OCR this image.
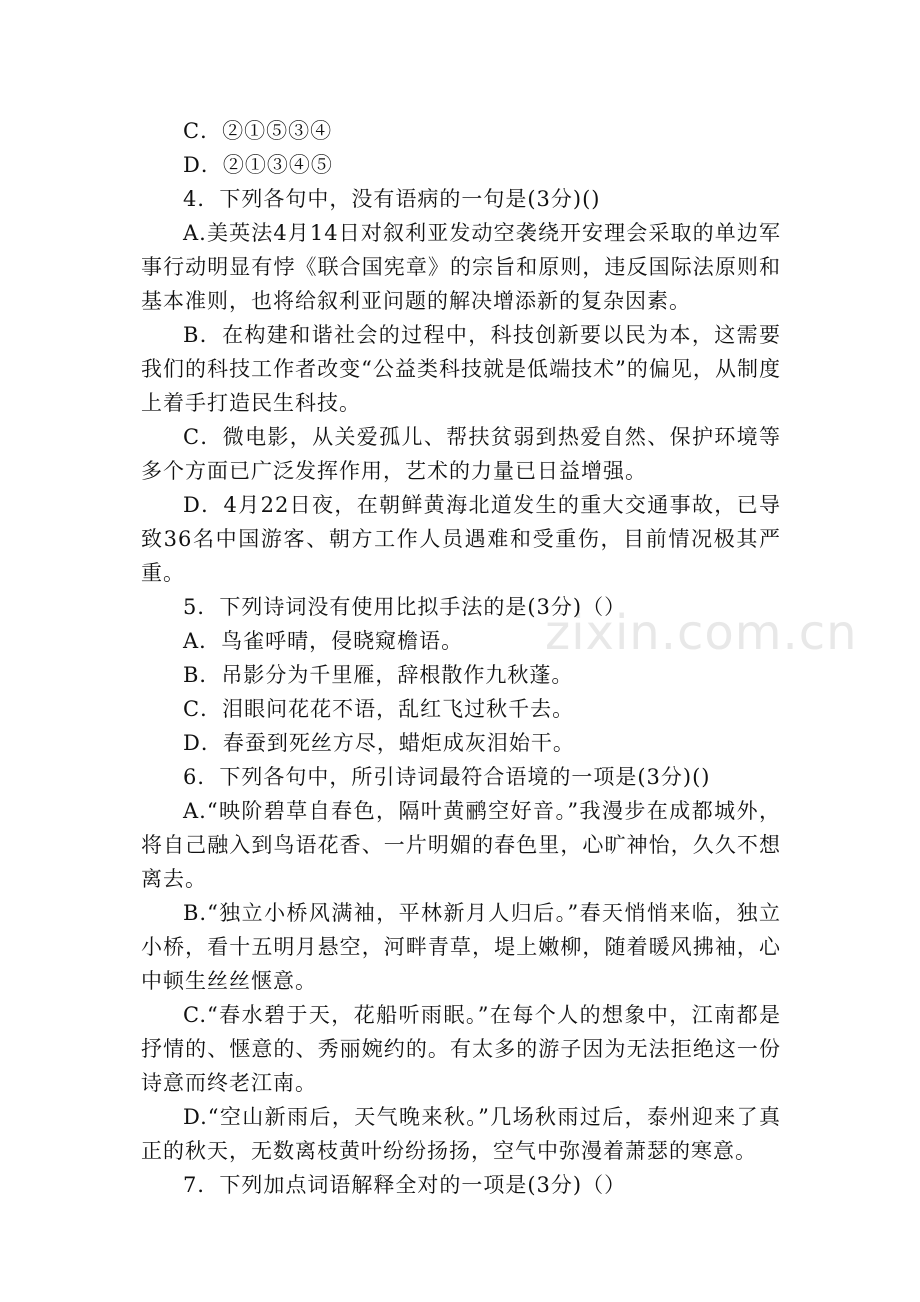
zixin.com.cn

C．②①⑤③④

D．②①③④⑤

4．下列各句中，没有语病的一句是(3分)()

A.美英法4月14日对叙利亚发动空袭绕开安理会采取的单边军事行动明显有悖《联合国宪章》的宗旨和原则，违反国际法原则和基本准则，也将给叙利亚问题的解决增添新的复杂因素。

B．在构建和谐社会的过程中，科技创新要以民为本，这需要我们的科技工作者改变“公益类科技就是低端技术”的偏见，从制度上着手打造民生科技。

C．微电影，从关爱孤儿、帮扶贫弱到热爱自然、保护环境等多个方面已广泛发挥作用，艺术的力量已日益增强。

D．4月22日夜，在朝鲜黄海北道发生的重大交通事故，已导致36名中国游客、朝方工作人员遇难和受重伤，目前情况极其严重。

5．下列诗词没有使用比拟手法的是(3分)（）

A．鸟雀呼晴，侵晓窥檐语。

B．吊影分为千里雁，辞根散作九秋蓬。

C．泪眼问花花不语，乱红飞过秋千去。

D．春蚕到死丝方尽，蜡炬成灰泪始干。

6．下列各句中，所引诗词最符合语境的一项是(3分)()

A.“映阶碧草自春色，隔叶黄鹂空好音。”我漫步在成都城外，将自己融入到鸟语花香、一片明媚的春色里，心旷神怡，久久不想离去。

B.“独立小桥风满袖，平林新月人归后。”春天悄悄来临，独立小桥，看十五明月悬空，河畔青草，堤上嫩柳，随着暖风拂袖，心中顿生丝丝惬意。

C.“春水碧于天，花船听雨眠。”在每个人的想象中，江南都是抒情的、惬意的、秀丽婉约的。有太多的游子因为无法拒绝这一份诗意而终老江南。

D.“空山新雨后，天气晚来秋。”几场秋雨过后，泰州迎来了真正的秋天，无数离枝黄叶纷纷扬扬，空气中弥漫着萧瑟的寒意。

7．下列加点词语解释全对的一项是(3分)（）
